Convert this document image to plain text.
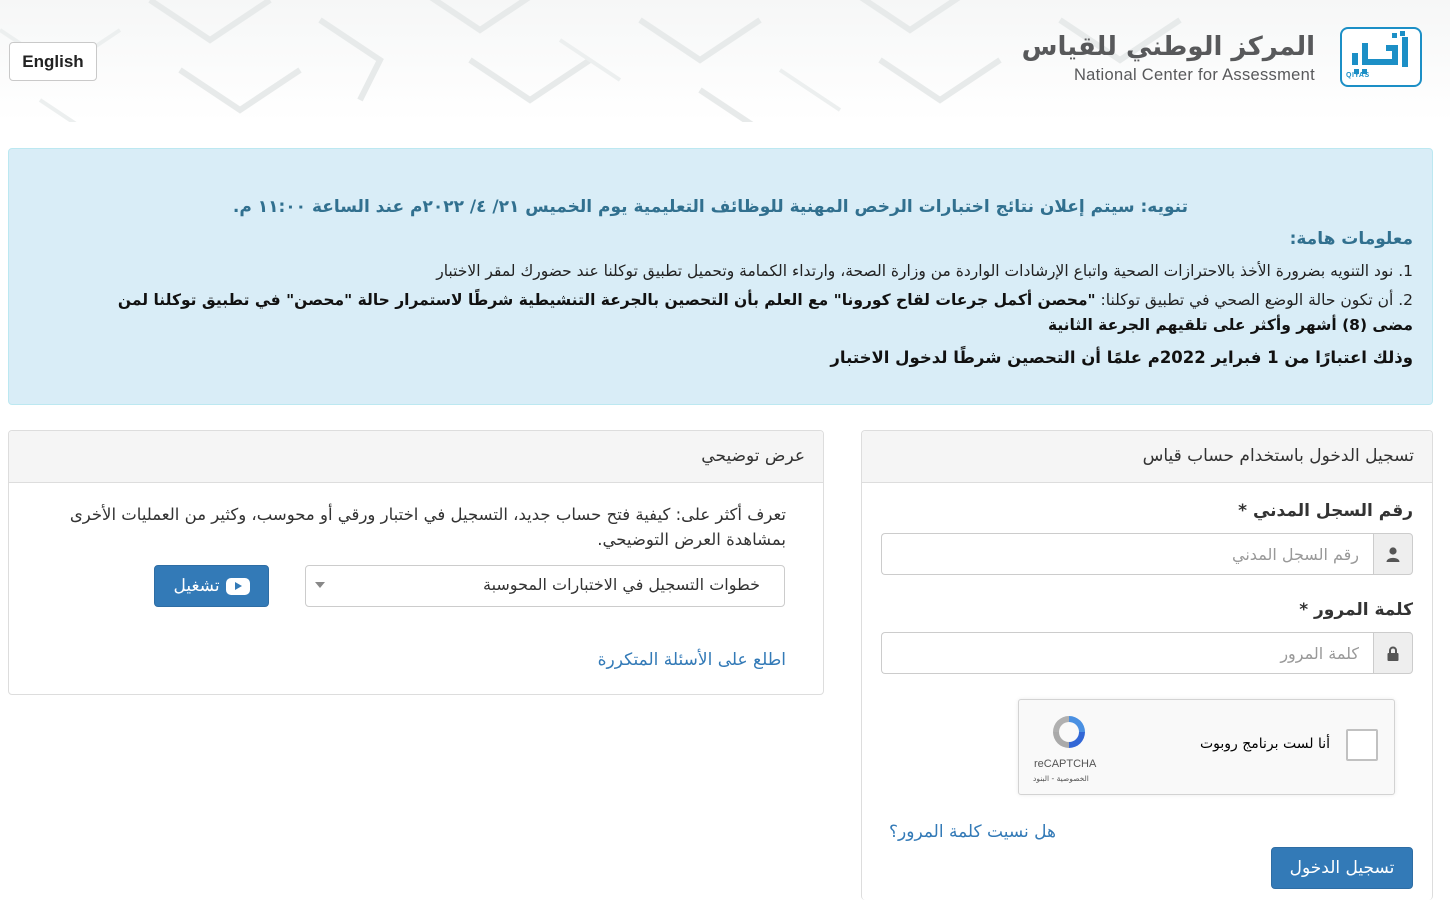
English	المركز الوطني للقياس
National Center for Assessment	QIYAS
تنويه: سيتم إعلان نتائج اختبارات الرخص المهنية للوظائف التعليمية يوم الخميس ٢١/ ٤/ ٢٠٢٢م عند الساعة ١١:٠٠ م.
معلومات هامة:
1. نود التنويه بضرورة الأخذ بالاحترازات الصحية واتباع الإرشادات الواردة من وزارة الصحة، وارتداء الكمامة وتحميل تطبيق توكلنا عند حضورك لمقر الاختبار
2. أن تكون حالة الوضع الصحي في تطبيق توكلنا: "محصن أكمل جرعات لقاح كورونا" مع العلم بأن التحصين بالجرعة التنشيطية شرطًا لاستمرار حالة "محصن" في تطبيق توكلنا لمن مضى (8) أشهر وأكثر على تلقيهم الجرعة الثانية
وذلك اعتبارًا من 1 فبراير 2022م علمًا أن التحصين شرطًا لدخول الاختبار
تسجيل الدخول باستخدام حساب قياس
رقم السجل المدني *
رقم السجل المدني
كلمة المرور *
أنا لست برنامج روبوت
reCAPTCHA
الخصوصية - البنود
هل نسيت كلمة المرور؟
تسجيل الدخول
عرض توضيحي
تعرف أكثر على: كيفية فتح حساب جديد، التسجيل في اختبار ورقي أو محوسب، وكثير من العمليات الأخرى بمشاهدة العرض التوضيحي.
خطوات التسجيل في الاختبارات المحوسبة
تشغيل
اطلع على الأسئلة المتكررة
